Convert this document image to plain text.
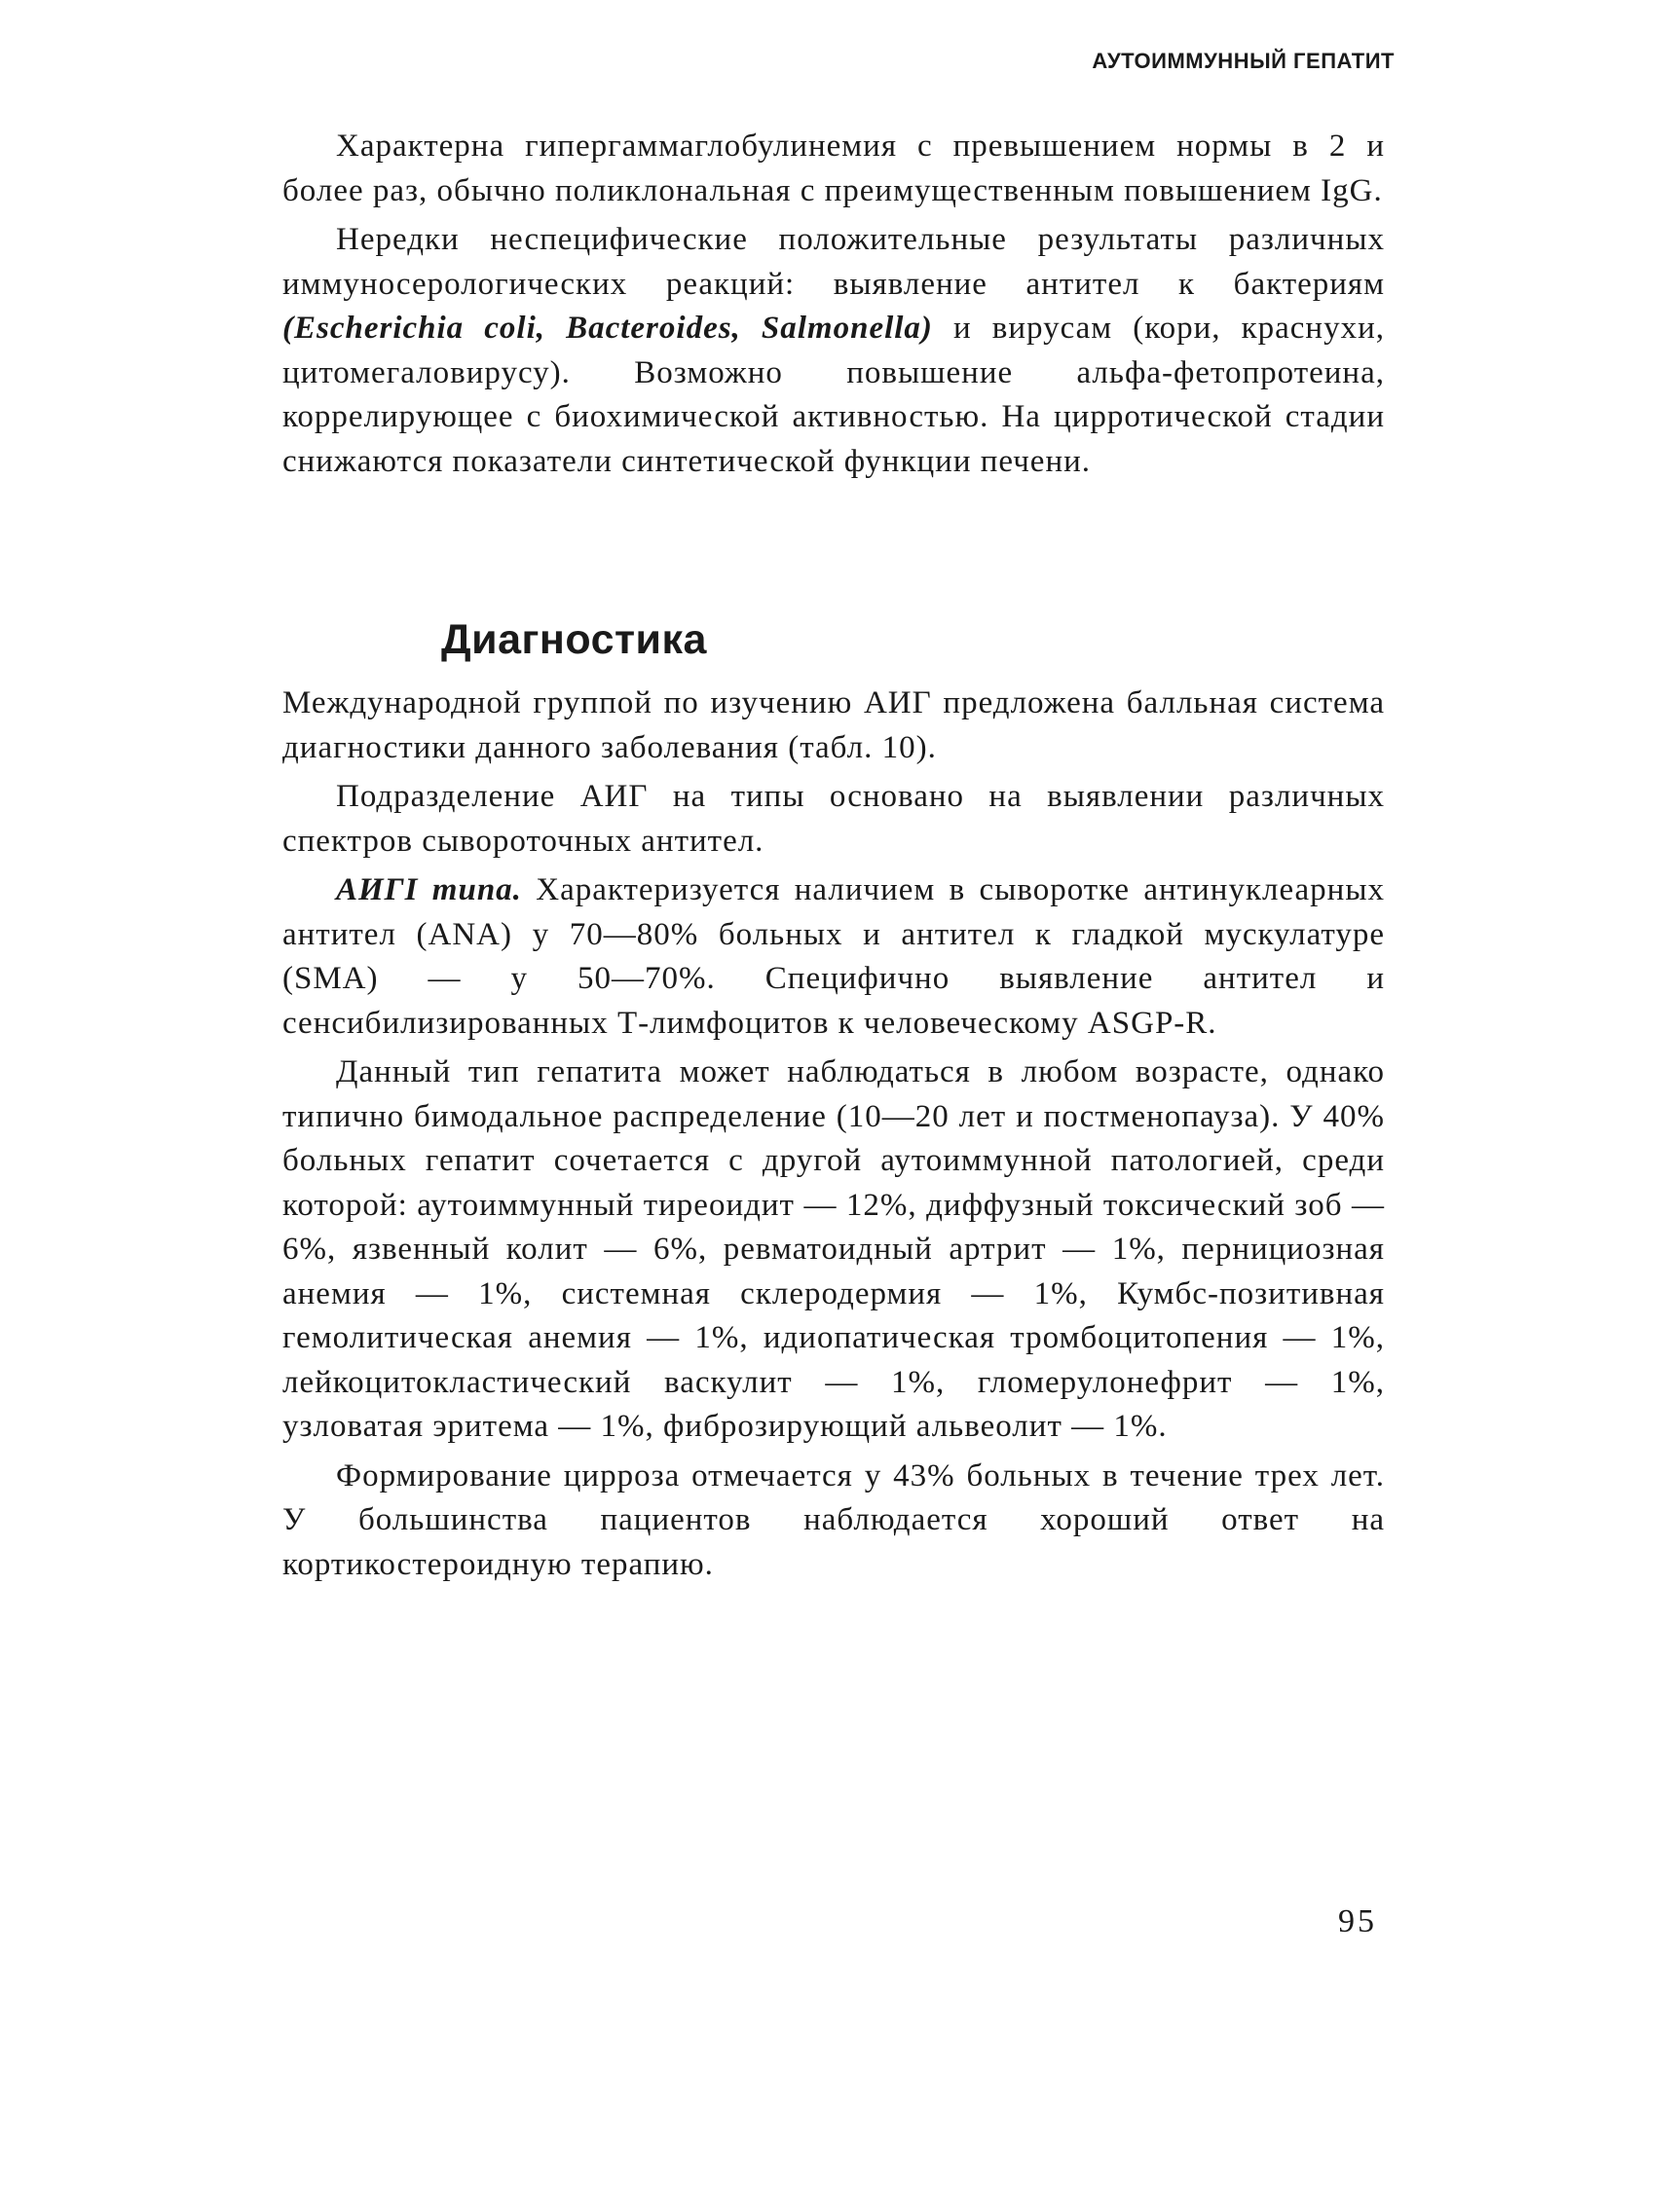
АУТОИММУННЫЙ ГЕПАТИТ

Характерна гипергаммаглобулинемия с превышением нормы в 2 и более раз, обычно поликлональная с преимущественным повышением IgG.

Нередки неспецифические положительные результаты различных иммуносерологических реакций: выявление антител к бактериям (Escherichia coli, Bacteroides, Salmonella) и вирусам (кори, краснухи, цитомегаловирусу). Возможно повышение альфа-фетопротеина, коррелирующее с биохимической активностью. На цирротической стадии снижаются показатели синтетической функции печени.

Диагностика

Международной группой по изучению АИГ предложена балльная система диагностики данного заболевания (табл. 10).

Подразделение АИГ на типы основано на выявлении различных спектров сывороточных антител.

АИГI типа. Характеризуется наличием в сыворотке антинуклеарных антител (ANA) у 70—80% больных и антител к гладкой мускулатуре (SMA) — у 50—70%. Специфично выявление антител и сенсибилизированных Т-лимфоцитов к человеческому ASGP-R.

Данный тип гепатита может наблюдаться в любом возрасте, однако типично бимодальное распределение (10—20 лет и постменопауза). У 40% больных гепатит сочетается с другой аутоиммунной патологией, среди которой: аутоиммунный тиреоидит — 12%, диффузный токсический зоб — 6%, язвенный колит — 6%, ревматоидный артрит — 1%, пернициозная анемия — 1%, системная склеродермия — 1%, Кумбс-позитивная гемолитическая анемия — 1%, идиопатическая тромбоцитопения — 1%, лейкоцитокластический васкулит — 1%, гломерулонефрит — 1%, узловатая эритема — 1%, фиброзирующий альвеолит — 1%.

Формирование цирроза отмечается у 43% больных в течение трех лет. У большинства пациентов наблюдается хороший ответ на кортикостероидную терапию.

95
